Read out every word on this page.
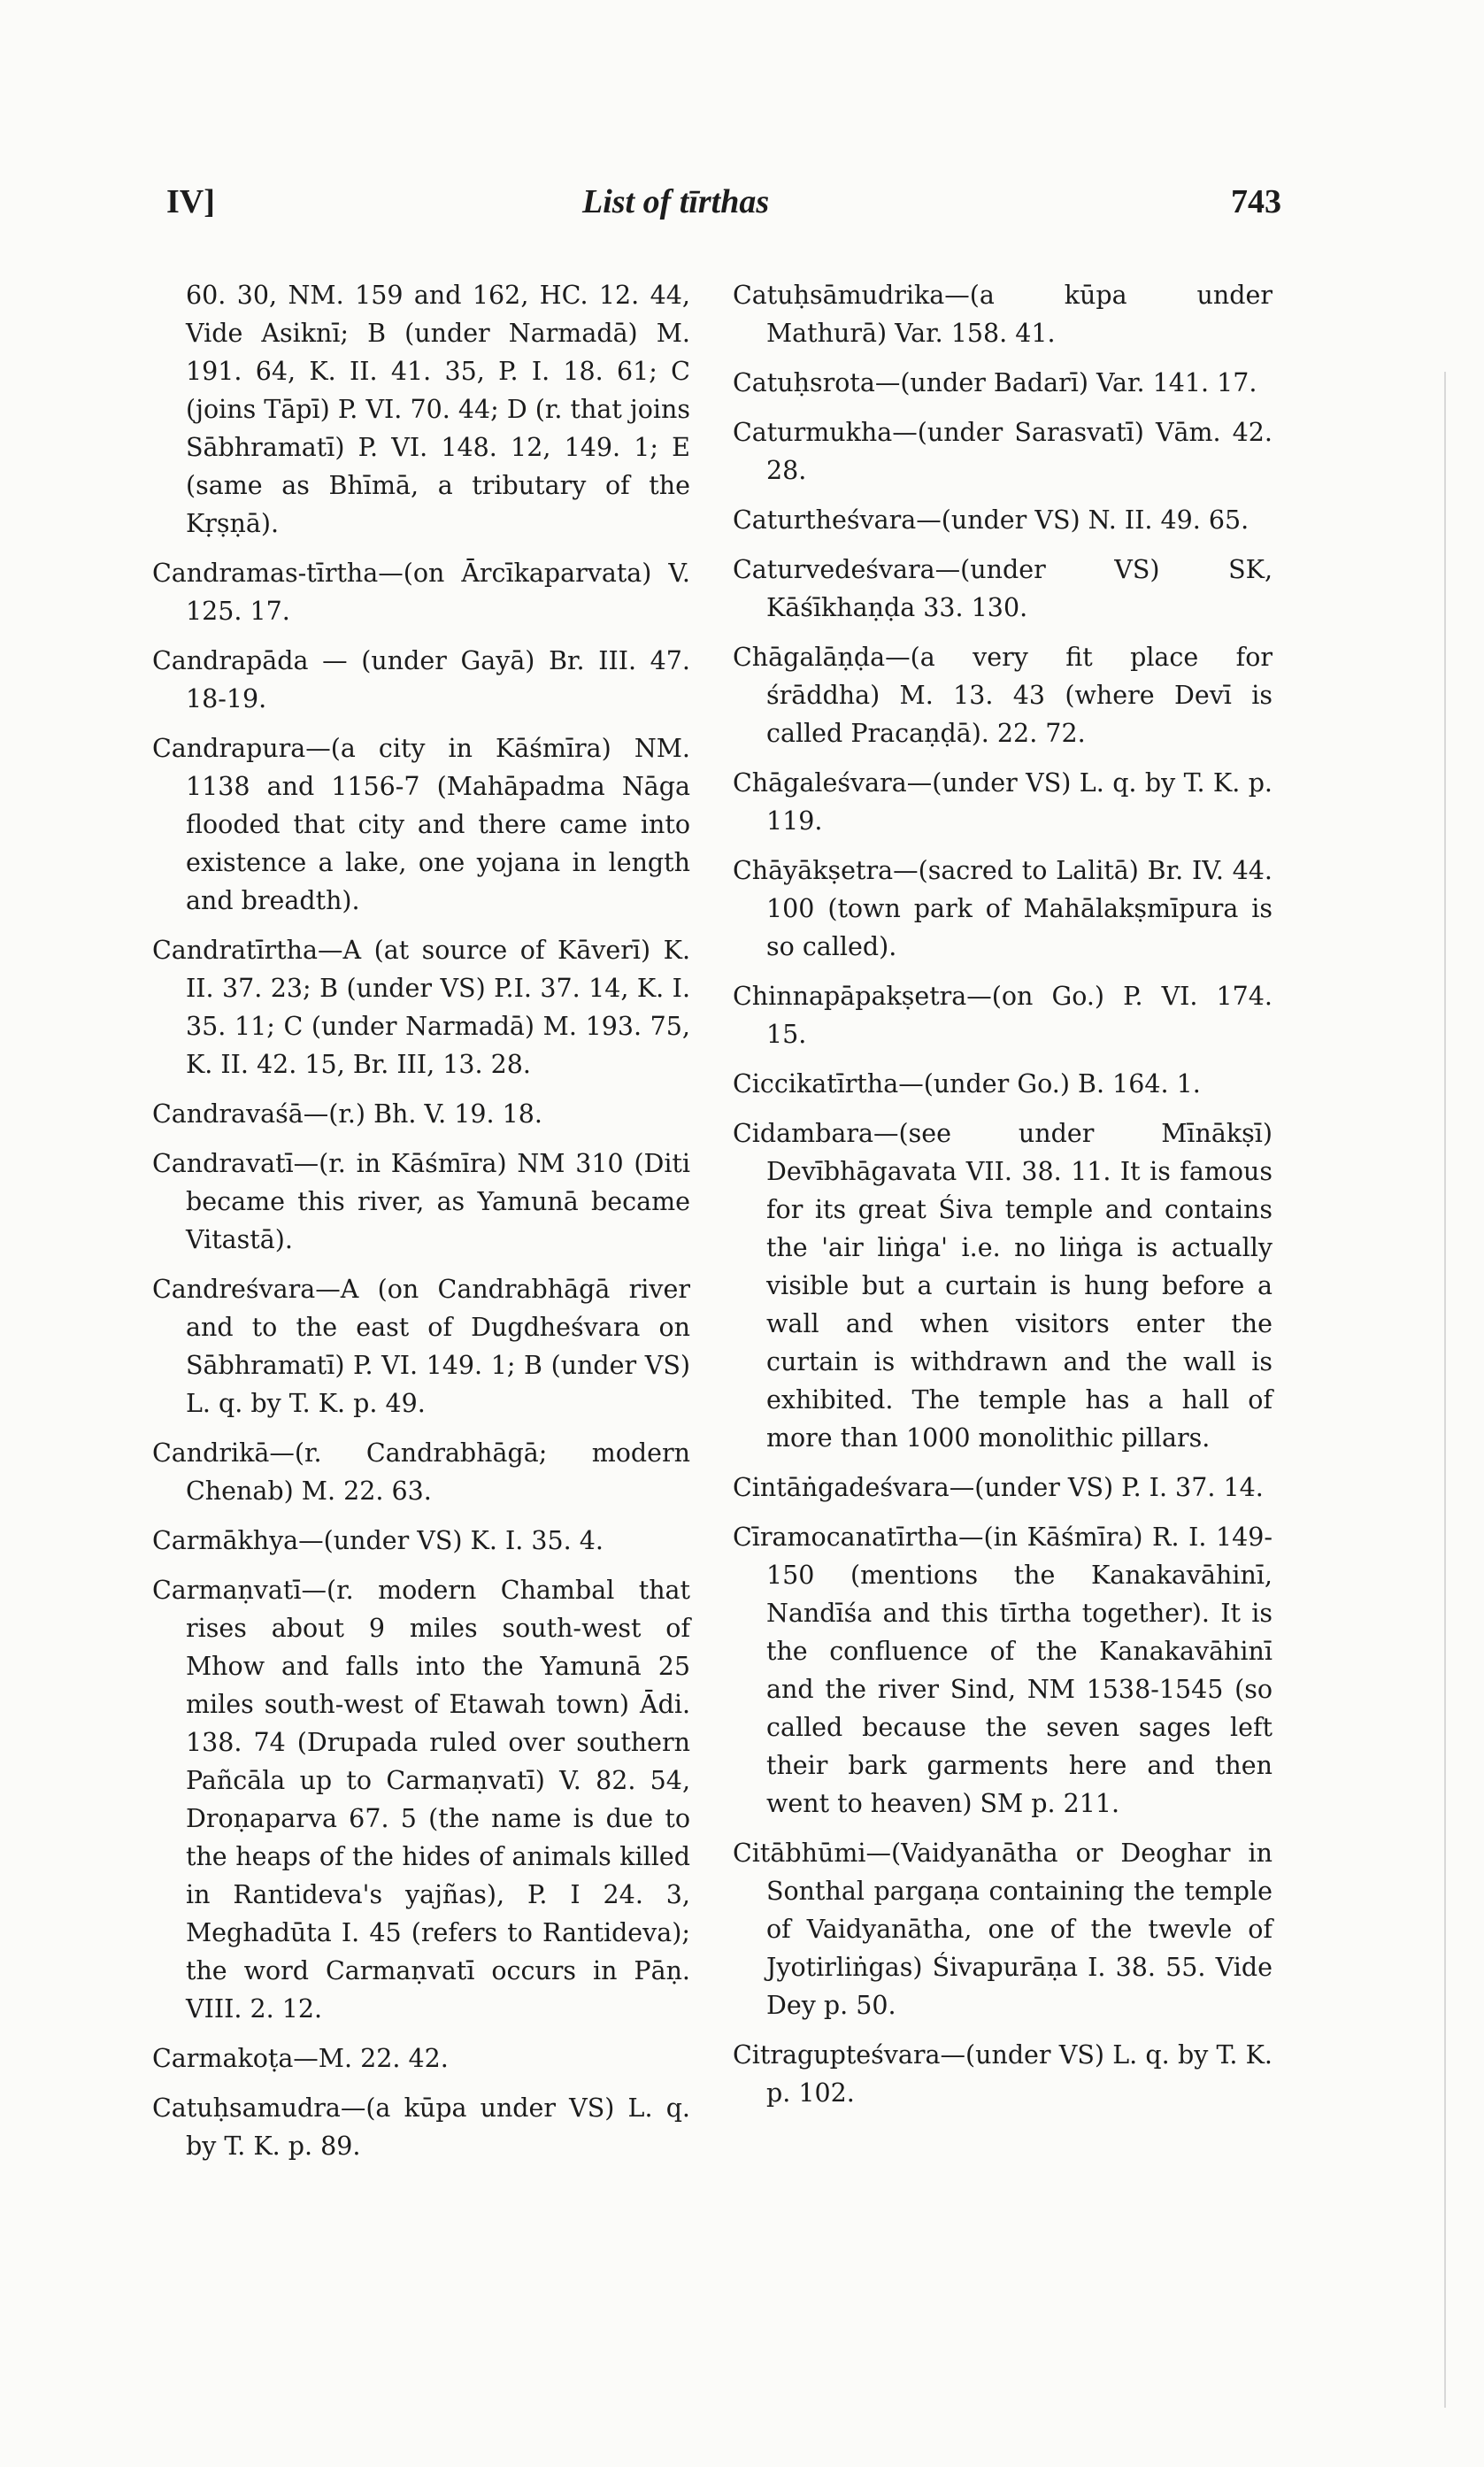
IV]	List of tīrthas	743

60. 30, NM. 159 and 162, HC. 12. 44, Vide Asiknī; B (under Narmadā) M. 191. 64, K. II. 41. 35, P. I. 18. 61; C (joins Tāpī) P. VI. 70. 44; D (r. that joins Sābhramatī) P. VI. 148. 12, 149. 1; E (same as Bhīmā, a tributary of the Kṛṣṇā).

Candramas-tīrtha—(on Ārcīkaparvata) V. 125. 17.

Candrapāda — (under Gayā) Br. III. 47. 18-19.

Candrapura—(a city in Kāśmīra) NM. 1138 and 1156-7 (Mahāpadma Nāga flooded that city and there came into existence a lake, one yojana in length and breadth).

Candratīrtha—A (at source of Kāverī) K. II. 37. 23; B (under VS) P.I. 37. 14, K. I. 35. 11; C (under Narmadā) M. 193. 75, K. II. 42. 15, Br. III, 13. 28.

Candravaśā—(r.) Bh. V. 19. 18.

Candravatī—(r. in Kāśmīra) NM 310 (Diti became this river, as Yamunā became Vitastā).

Candreśvara—A (on Candrabhāgā river and to the east of Dugdheśvara on Sābhramatī) P. VI. 149. 1; B (under VS) L. q. by T. K. p. 49.

Candrikā—(r. Candrabhāgā; modern Chenab) M. 22. 63.

Carmākhya—(under VS) K. I. 35. 4.

Carmaṇvatī—(r. modern Chambal that rises about 9 miles south-west of Mhow and falls into the Yamunā 25 miles south-west of Etawah town) Ādi. 138. 74 (Drupada ruled over southern Pañcāla up to Carmaṇvatī) V. 82. 54, Droṇaparva 67. 5 (the name is due to the heaps of the hides of animals killed in Rantideva's yajñas), P. I 24. 3, Meghadūta I. 45 (refers to Rantideva); the word Carmaṇvatī occurs in Pāṇ. VIII. 2. 12.

Carmakoṭa—M. 22. 42.

Catuḥsamudra—(a kūpa under VS) L. q. by T. K. p. 89.

Catuḥsāmudrika—(a kūpa under Mathurā) Var. 158. 41.

Catuḥsrota—(under Badarī) Var. 141. 17.

Caturmukha—(under Sarasvatī) Vām. 42. 28.

Caturtheśvara—(under VS) N. II. 49. 65.

Caturvedeśvara—(under VS) SK, Kāśīkhaṇḍa 33. 130.

Chāgalāṇḍa—(a very fit place for śrāddha) M. 13. 43 (where Devī is called Pracaṇḍā). 22. 72.

Chāgaleśvara—(under VS) L. q. by T. K. p. 119.

Chāyākṣetra—(sacred to Lalitā) Br. IV. 44. 100 (town park of Mahālakṣmīpura is so called).

Chinnapāpakṣetra—(on Go.) P. VI. 174. 15.

Ciccikatīrtha—(under Go.) B. 164. 1.

Cidambara—(see under Mīnākṣī) Devībhāgavata VII. 38. 11. It is famous for its great Śiva temple and contains the 'air liṅga' i.e. no liṅga is actually visible but a curtain is hung before a wall and when visitors enter the curtain is withdrawn and the wall is exhibited. The temple has a hall of more than 1000 monolithic pillars.

Cintāṅgadeśvara—(under VS) P. I. 37. 14.

Cīramocanatīrtha—(in Kāśmīra) R. I. 149-150 (mentions the Kanakavāhinī, Nandīśa and this tīrtha together). It is the confluence of the Kanakavāhinī and the river Sind, NM 1538-1545 (so called because the seven sages left their bark garments here and then went to heaven) SM p. 211.

Citābhūmi—(Vaidyanātha or Deoghar in Sonthal pargaṇa containing the temple of Vaidyanātha, one of the twevle of Jyotirliṅgas) Śivapurāṇa I. 38. 55. Vide Dey p. 50.

Citragupteśvara—(under VS) L. q. by T. K. p. 102.
